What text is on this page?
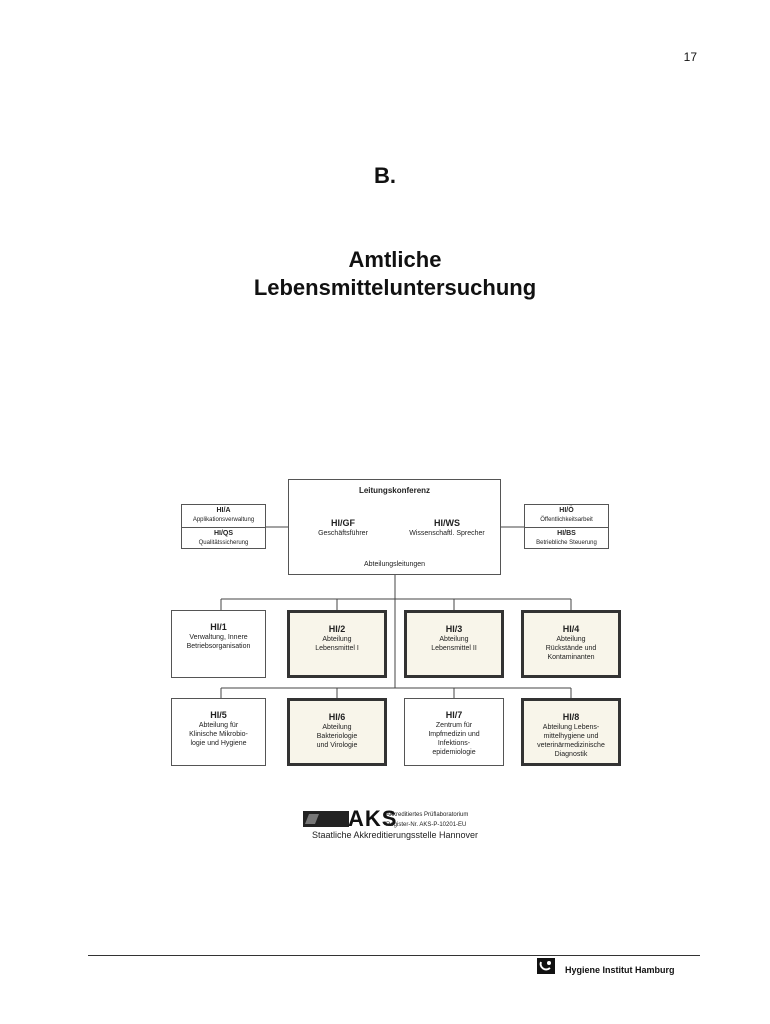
17
B.
Amtliche
Lebensmitteluntersuchung
Leitungskonferenz
HI/GF
Geschäftsführer
HI/WS
Wissenschaftl. Sprecher
Abteilungsleitungen
HI/A
Applikationsverwaltung
HI/QS
Qualitätssicherung
HI/Ö
Öffentlichkeitsarbeit
HI/BS
Betriebliche Steuerung
HI/1
Verwaltung, Innere
Betriebsorganisation
HI/2
Abteilung
Lebensmittel I
HI/3
Abteilung
Lebensmittel II
HI/4
Abteilung
Rückstände und
Kontaminanten
HI/5
Abteilung für
Klinische Mikrobio-
logie und Hygiene
HI/6
Abteilung
Bakteriologie
und Virologie
HI/7
Zentrum für
Impfmedizin und
Infektions-
epidemiologie
HI/8
Abteilung Lebens-
mittelhygiene und
veterinärmedizinische
Diagnostik
AKS
Akkreditiertes Prüflaboratorium
Register-Nr. AKS-P-10201-EU
Staatliche Akkreditierungsstelle Hannover
Hygiene Institut Hamburg
